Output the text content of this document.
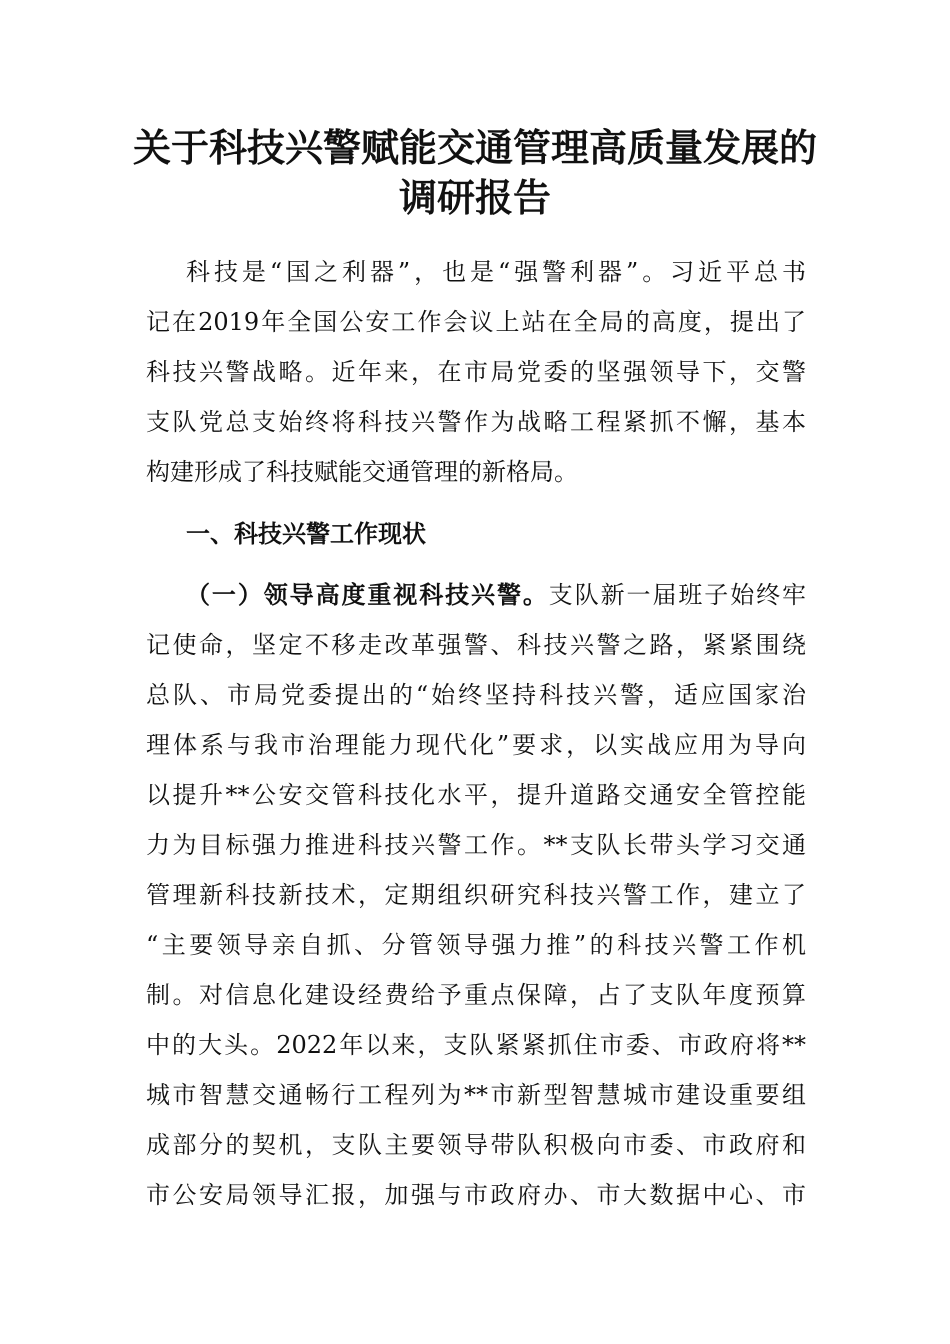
关于科技兴警赋能交通管理高质量发展的
调研报告
科技是“国之利器”，也是“强警利器”。习近平总书
记在2019年全国公安工作会议上站在全局的高度，提出了
科技兴警战略。近年来，在市局党委的坚强领导下，交警
支队党总支始终将科技兴警作为战略工程紧抓不懈，基本
构建形成了科技赋能交通管理的新格局。
一、科技兴警工作现状
（一）领导高度重视科技兴警。支队新一届班子始终牢
记使命，坚定不移走改革强警、科技兴警之路，紧紧围绕
总队、市局党委提出的“始终坚持科技兴警，适应国家治
理体系与我市治理能力现代化”要求，以实战应用为导向
以提升**公安交管科技化水平，提升道路交通安全管控能
力为目标强力推进科技兴警工作。**支队长带头学习交通
管理新科技新技术，定期组织研究科技兴警工作，建立了
“主要领导亲自抓、分管领导强力推”的科技兴警工作机
制。对信息化建设经费给予重点保障，占了支队年度预算
中的大头。2022年以来，支队紧紧抓住市委、市政府将**
城市智慧交通畅行工程列为**市新型智慧城市建设重要组
成部分的契机，支队主要领导带队积极向市委、市政府和
市公安局领导汇报，加强与市政府办、市大数据中心、市
